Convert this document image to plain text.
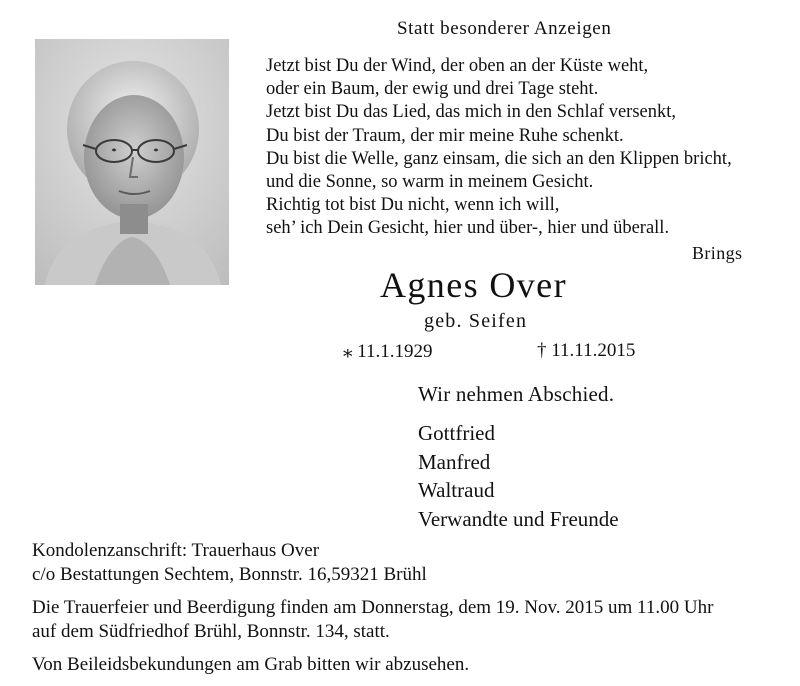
Statt besonderer Anzeigen
Jetzt bist Du der Wind, der oben an der Küste weht,
oder ein Baum, der ewig und drei Tage steht.
Jetzt bist Du das Lied, das mich in den Schlaf versenkt,
Du bist der Traum, der mir meine Ruhe schenkt.
Du bist die Welle, ganz einsam, die sich an den Klippen bricht,
und die Sonne, so warm in meinem Gesicht.
Richtig tot bist Du nicht, wenn ich will,
seh’ ich Dein Gesicht, hier und über-, hier und überall.
Brings
Agnes Over
geb. Seifen
⁎ 11.1.1929	† 11.11.2015
Wir nehmen Abschied.
Gottfried
Manfred
Waltraud
Verwandte und Freunde
Kondolenzanschrift: Trauerhaus Over
c/o Bestattungen Sechtem, Bonnstr. 16,59321 Brühl
Die Trauerfeier und Beerdigung finden am Donnerstag, dem 19. Nov. 2015 um 11.00 Uhr
auf dem Südfriedhof Brühl, Bonnstr. 134, statt.
Von Beileidsbekundungen am Grab bitten wir abzusehen.
